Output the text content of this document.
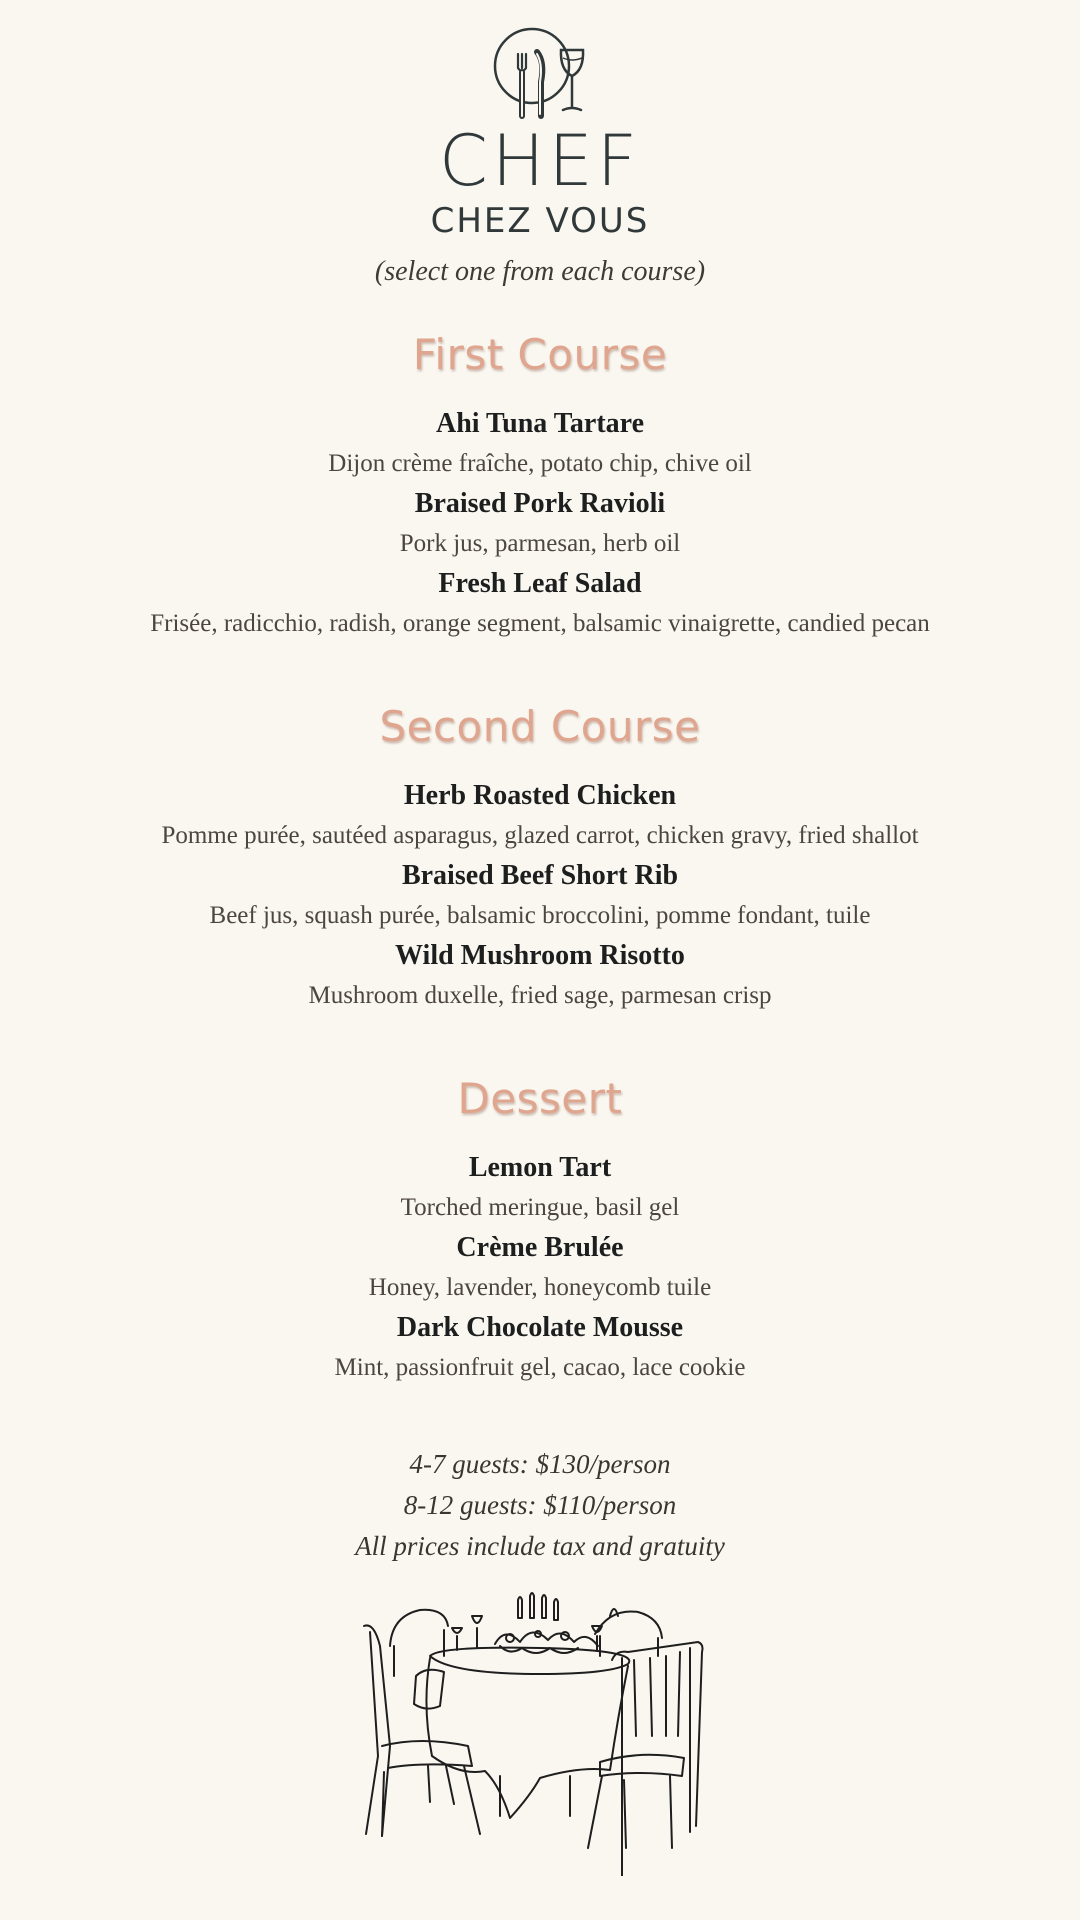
CHEF
CHEZ VOUS
(select one from each course)
First Course
Ahi Tuna Tartare
Dijon crème fraîche, potato chip, chive oil
Braised Pork Ravioli
Pork jus, parmesan, herb oil
Fresh Leaf Salad
Frisée, radicchio, radish, orange segment, balsamic vinaigrette, candied pecan
Second Course
Herb Roasted Chicken
Pomme purée, sautéed asparagus, glazed carrot, chicken gravy, fried shallot
Braised Beef Short Rib
Beef jus, squash purée, balsamic broccolini, pomme fondant, tuile
Wild Mushroom Risotto
Mushroom duxelle, fried sage, parmesan crisp
Dessert
Lemon Tart
Torched meringue, basil gel
Crème Brulée
Honey, lavender, honeycomb tuile
Dark Chocolate Mousse
Mint, passionfruit gel, cacao, lace cookie
4-7 guests: $130/person
8-12 guests: $110/person
All prices include tax and gratuity
